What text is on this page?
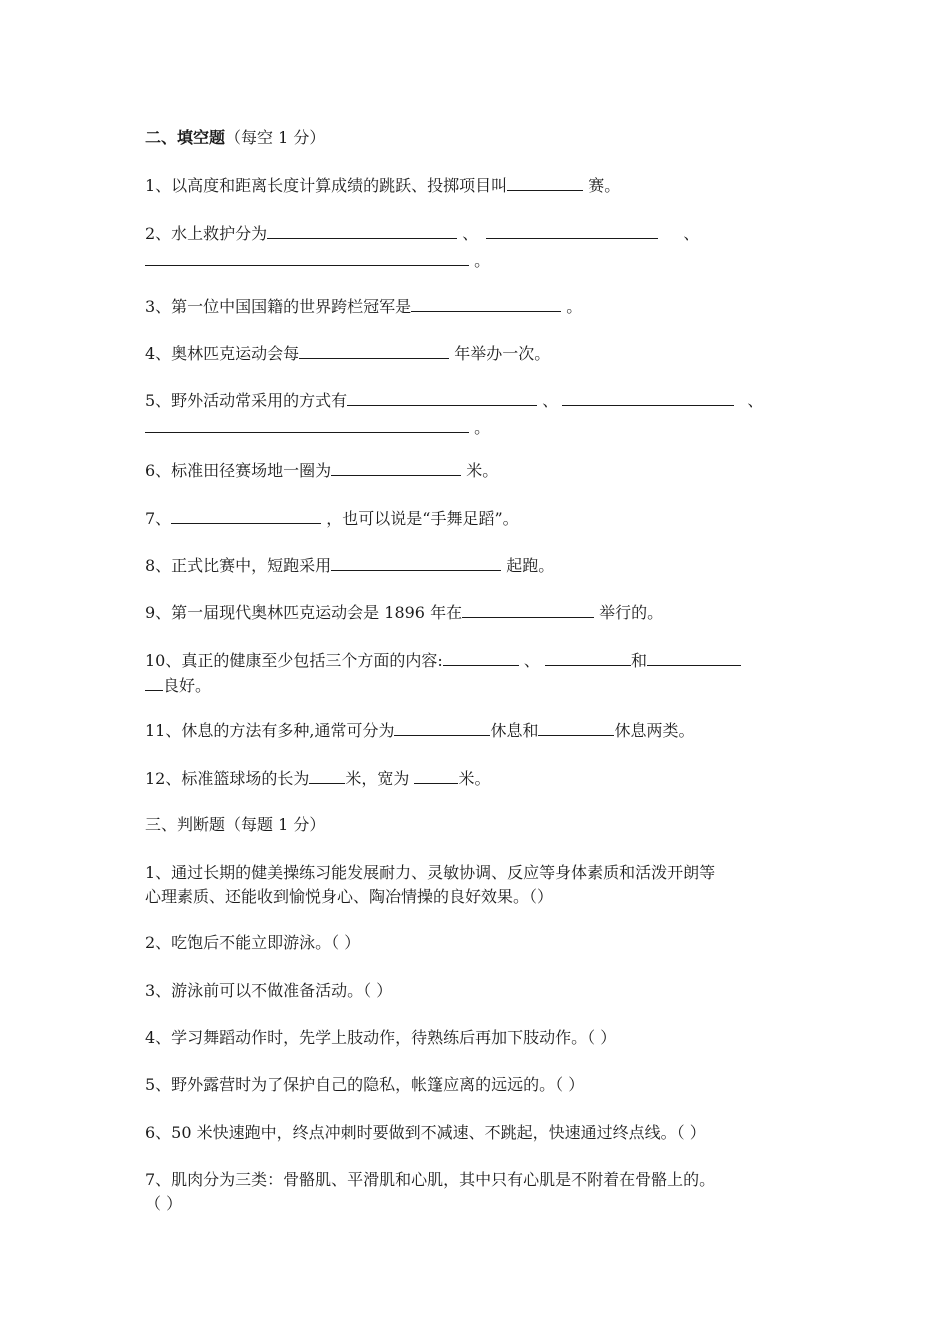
二、填空题（每空 1 分）
1、以高度和距离长度计算成绩的跳跃、投掷项目叫	赛。
2、水上救护分为	、	、
。
3、第一位中国国籍的世界跨栏冠军是	。
4、奥林匹克运动会每	年举办一次。
5、野外活动常采用的方式有	、	、
。
6、标准田径赛场地一圈为	米。
7、	，也可以说是“手舞足蹈”。
8、正式比赛中，短跑采用	起跑。
9、第一届现代奥林匹克运动会是 1896 年在	举行的。
10、真正的健康至少包括三个方面的内容:	、	和
良好。
11、休息的方法有多种,通常可分为	休息和	休息两类。
12、标准篮球场的长为 米，宽为	米。
三、判断题（每题 1 分）
1、通过长期的健美操练习能发展耐力、灵敏协调、反应等身体素质和活泼开朗等
心理素质、还能收到愉悦身心、陶冶情操的良好效果。（）
2、吃饱后不能立即游泳。（ ）
3、游泳前可以不做准备活动。（ ）
4、学习舞蹈动作时，先学上肢动作，待熟练后再加下肢动作。（ ）
5、野外露营时为了保护自己的隐私，帐篷应离的远远的。（ ）
6、50 米快速跑中，终点冲刺时要做到不减速、不跳起，快速通过终点线。（ ）
7、肌肉分为三类：骨骼肌、平滑肌和心肌，其中只有心肌是不附着在骨骼上的。
（ ）
